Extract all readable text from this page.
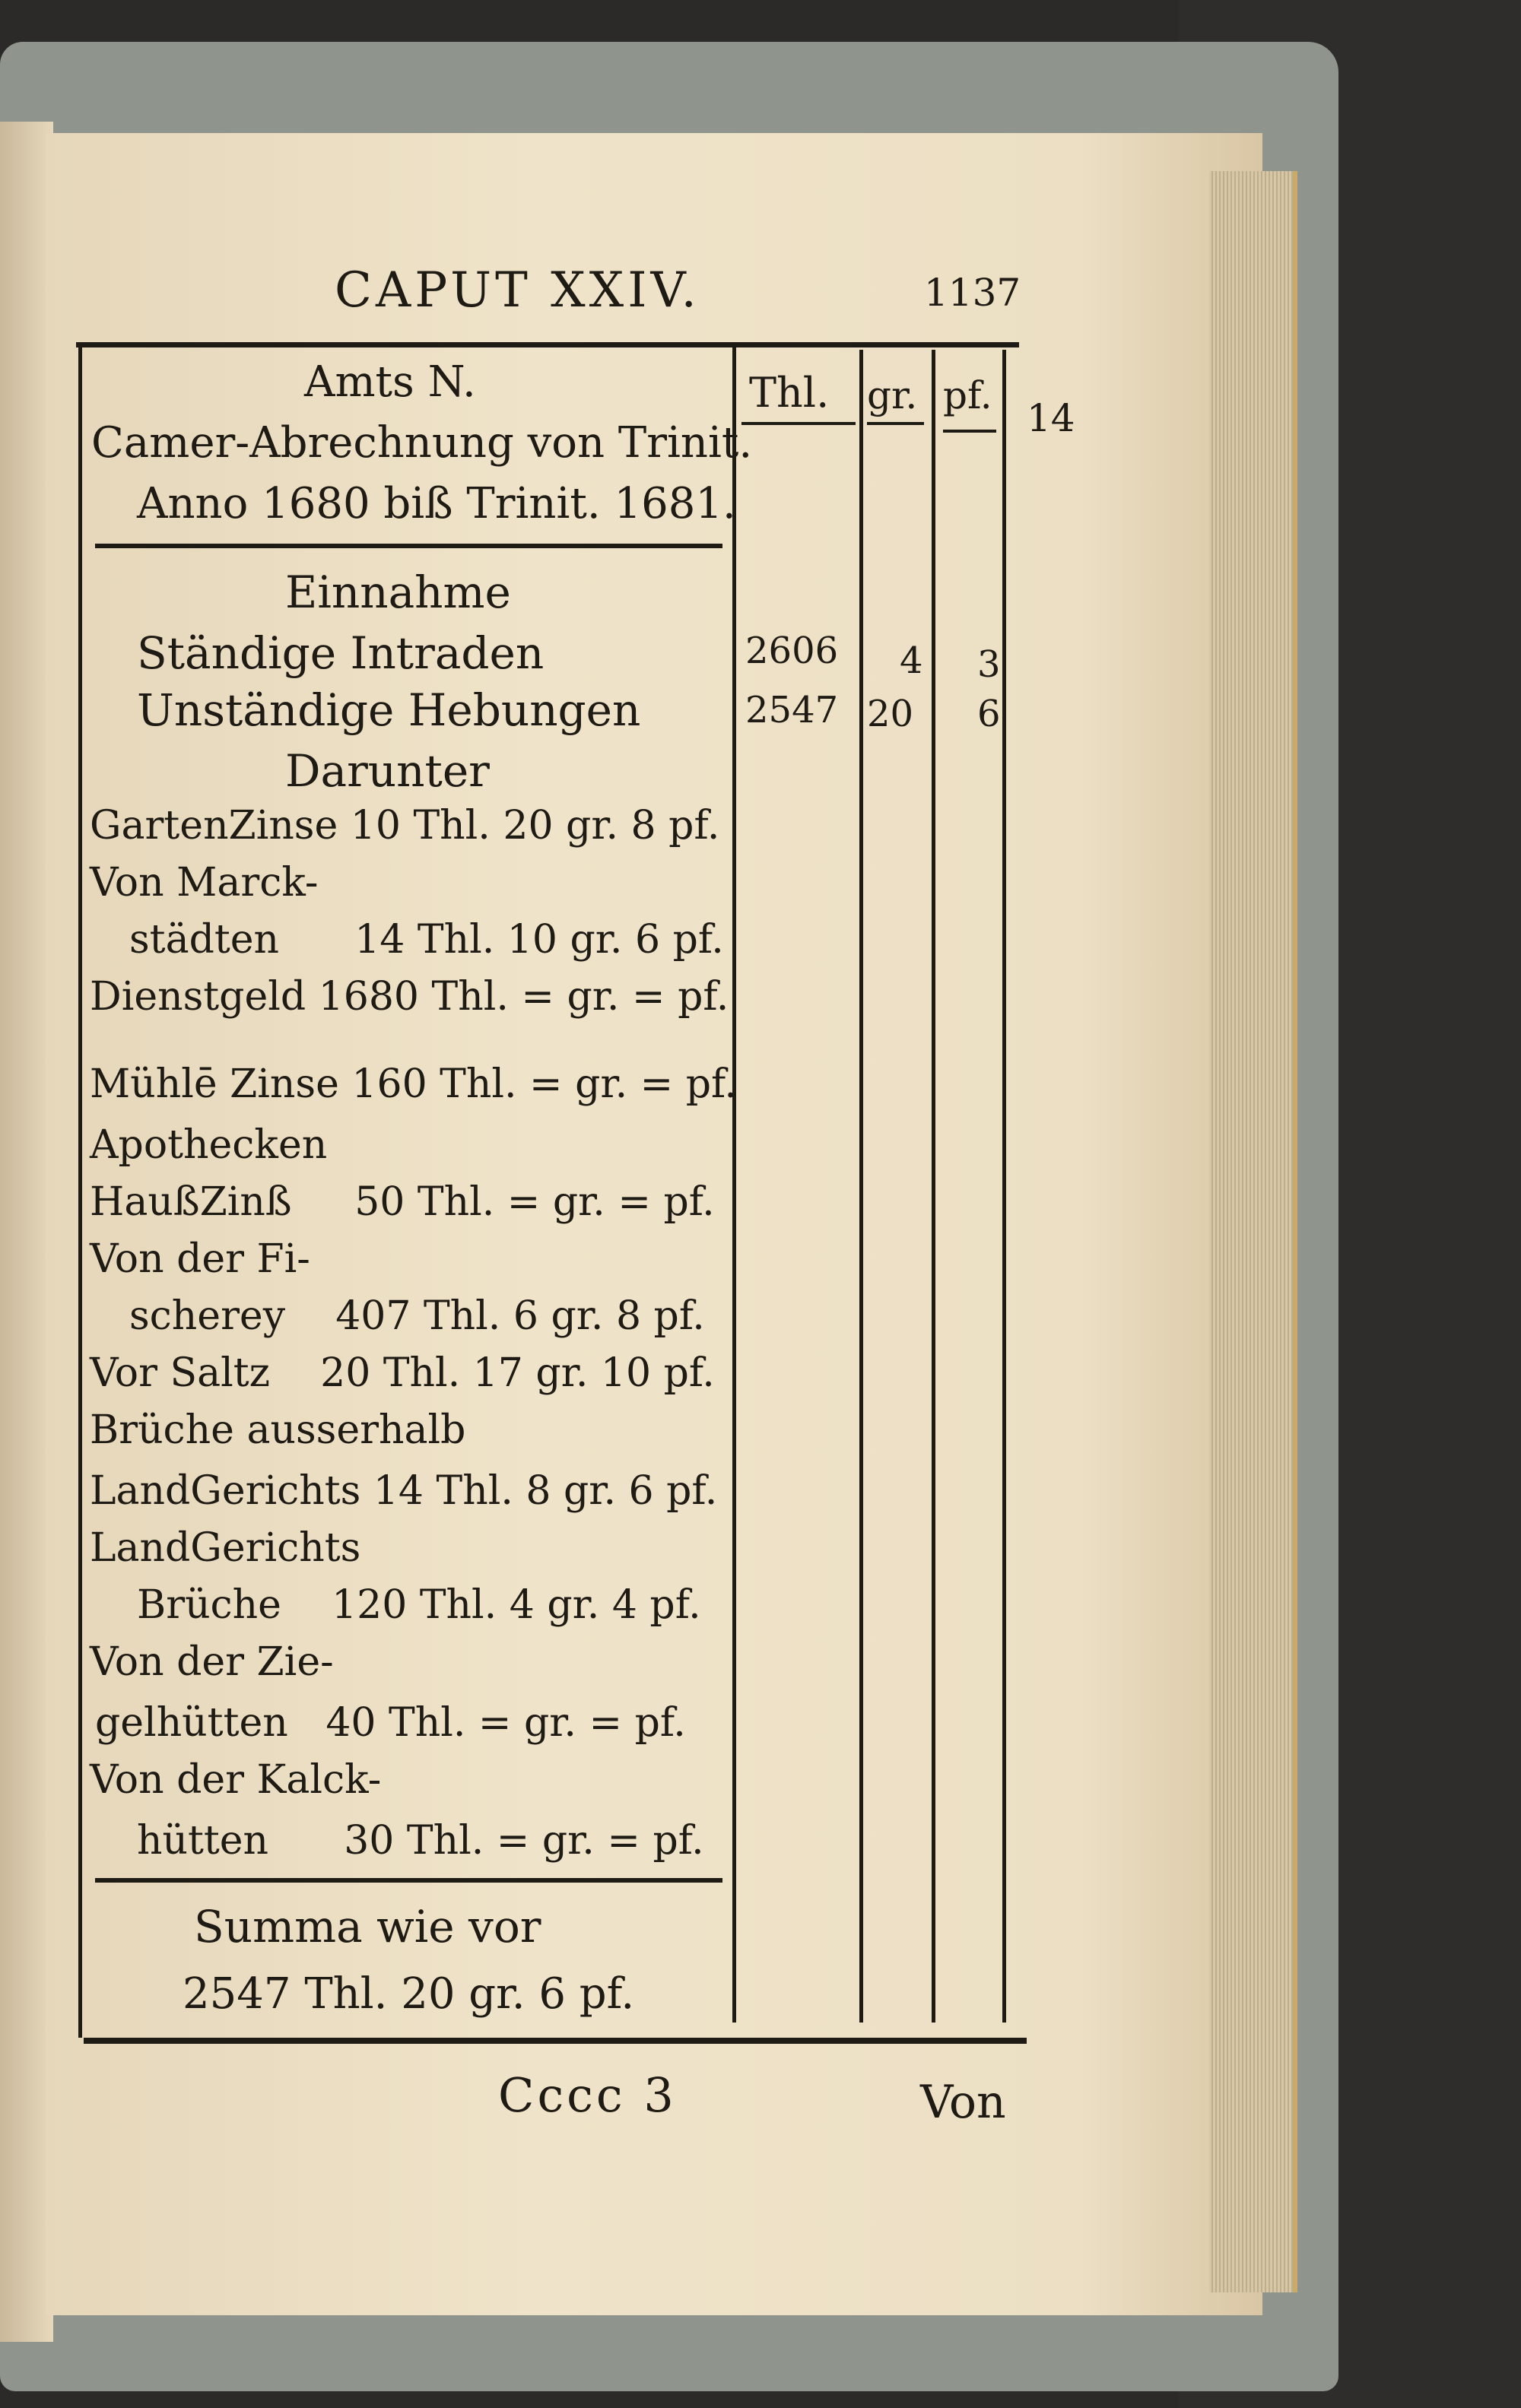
CAPUT XXIV.	1137
Thl. gr. pf.
14
Amts N.
Camer-Abrechnung von Trinit.
Anno 1680 biß Trinit. 1681.
Einnahme
Ständige Intraden	2606 4 3
Unständige Hebungen	2547 20 6
Darunter
GartenZinse 10 Thl. 20 gr. 8 pf.
Von Marck-
städten      14 Thl. 10 gr. 6 pf.
Dienstgeld 1680 Thl. = gr. = pf.
Mühlē Zinse 160 Thl. = gr. = pf.
Apothecken
HaußZinß     50 Thl. = gr. = pf.
Von der Fi-
scherey    407 Thl. 6 gr. 8 pf.
Vor Saltz    20 Thl. 17 gr. 10 pf.
Brüche ausserhalb
LandGerichts 14 Thl. 8 gr. 6 pf.
LandGerichts
Brüche    120 Thl. 4 gr. 4 pf.
Von der Zie-
gelhütten   40 Thl. = gr. = pf.
Von der Kalck-
hütten      30 Thl. = gr. = pf.
Summa wie vor
2547 Thl. 20 gr. 6 pf.
Cccc 3	Von
